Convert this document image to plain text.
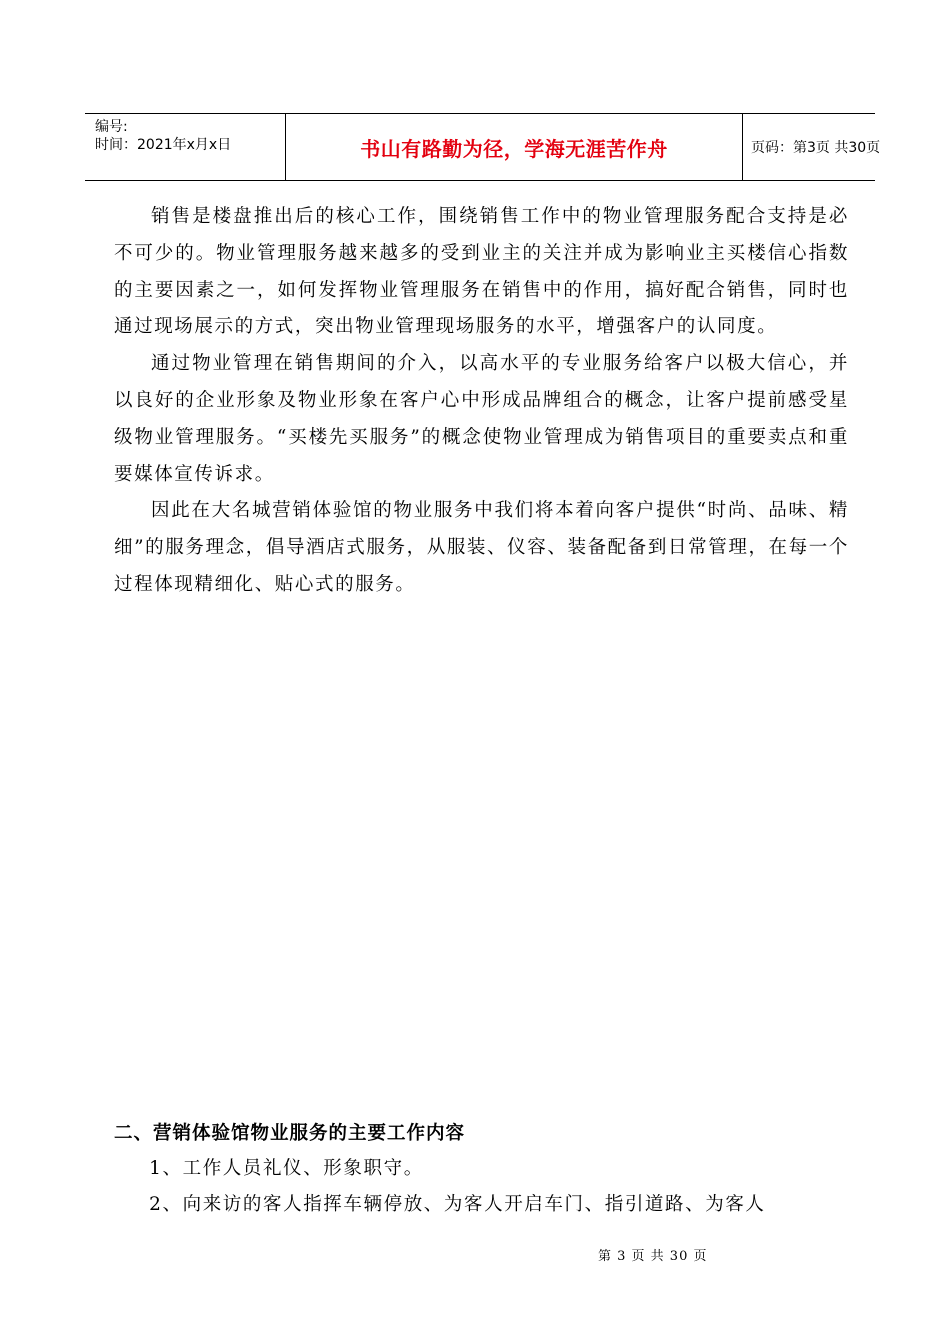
编号:
时间：2021年x月x日	书山有路勤为径，学海无涯苦作舟	页码：第3页 共30页

销售是楼盘推出后的核心工作，围绕销售工作中的物业管理服务配合支持是必不可少的。物业管理服务越来越多的受到业主的关注并成为影响业主买楼信心指数的主要因素之一，如何发挥物业管理服务在销售中的作用，搞好配合销售，同时也通过现场展示的方式，突出物业管理现场服务的水平，增强客户的认同度。

通过物业管理在销售期间的介入，以高水平的专业服务给客户以极大信心，并以良好的企业形象及物业形象在客户心中形成品牌组合的概念，让客户提前感受星级物业管理服务。“买楼先买服务”的概念使物业管理成为销售项目的重要卖点和重要媒体宣传诉求。

因此在大名城营销体验馆的物业服务中我们将本着向客户提供“时尚、品味、精细”的服务理念，倡导酒店式服务，从服装、仪容、装备配备到日常管理，在每一个过程体现精细化、贴心式的服务。

二、营销体验馆物业服务的主要工作内容

1、工作人员礼仪、形象职守。

2、向来访的客人指挥车辆停放、为客人开启车门、指引道路、为客人

第 3 页 共 30 页
